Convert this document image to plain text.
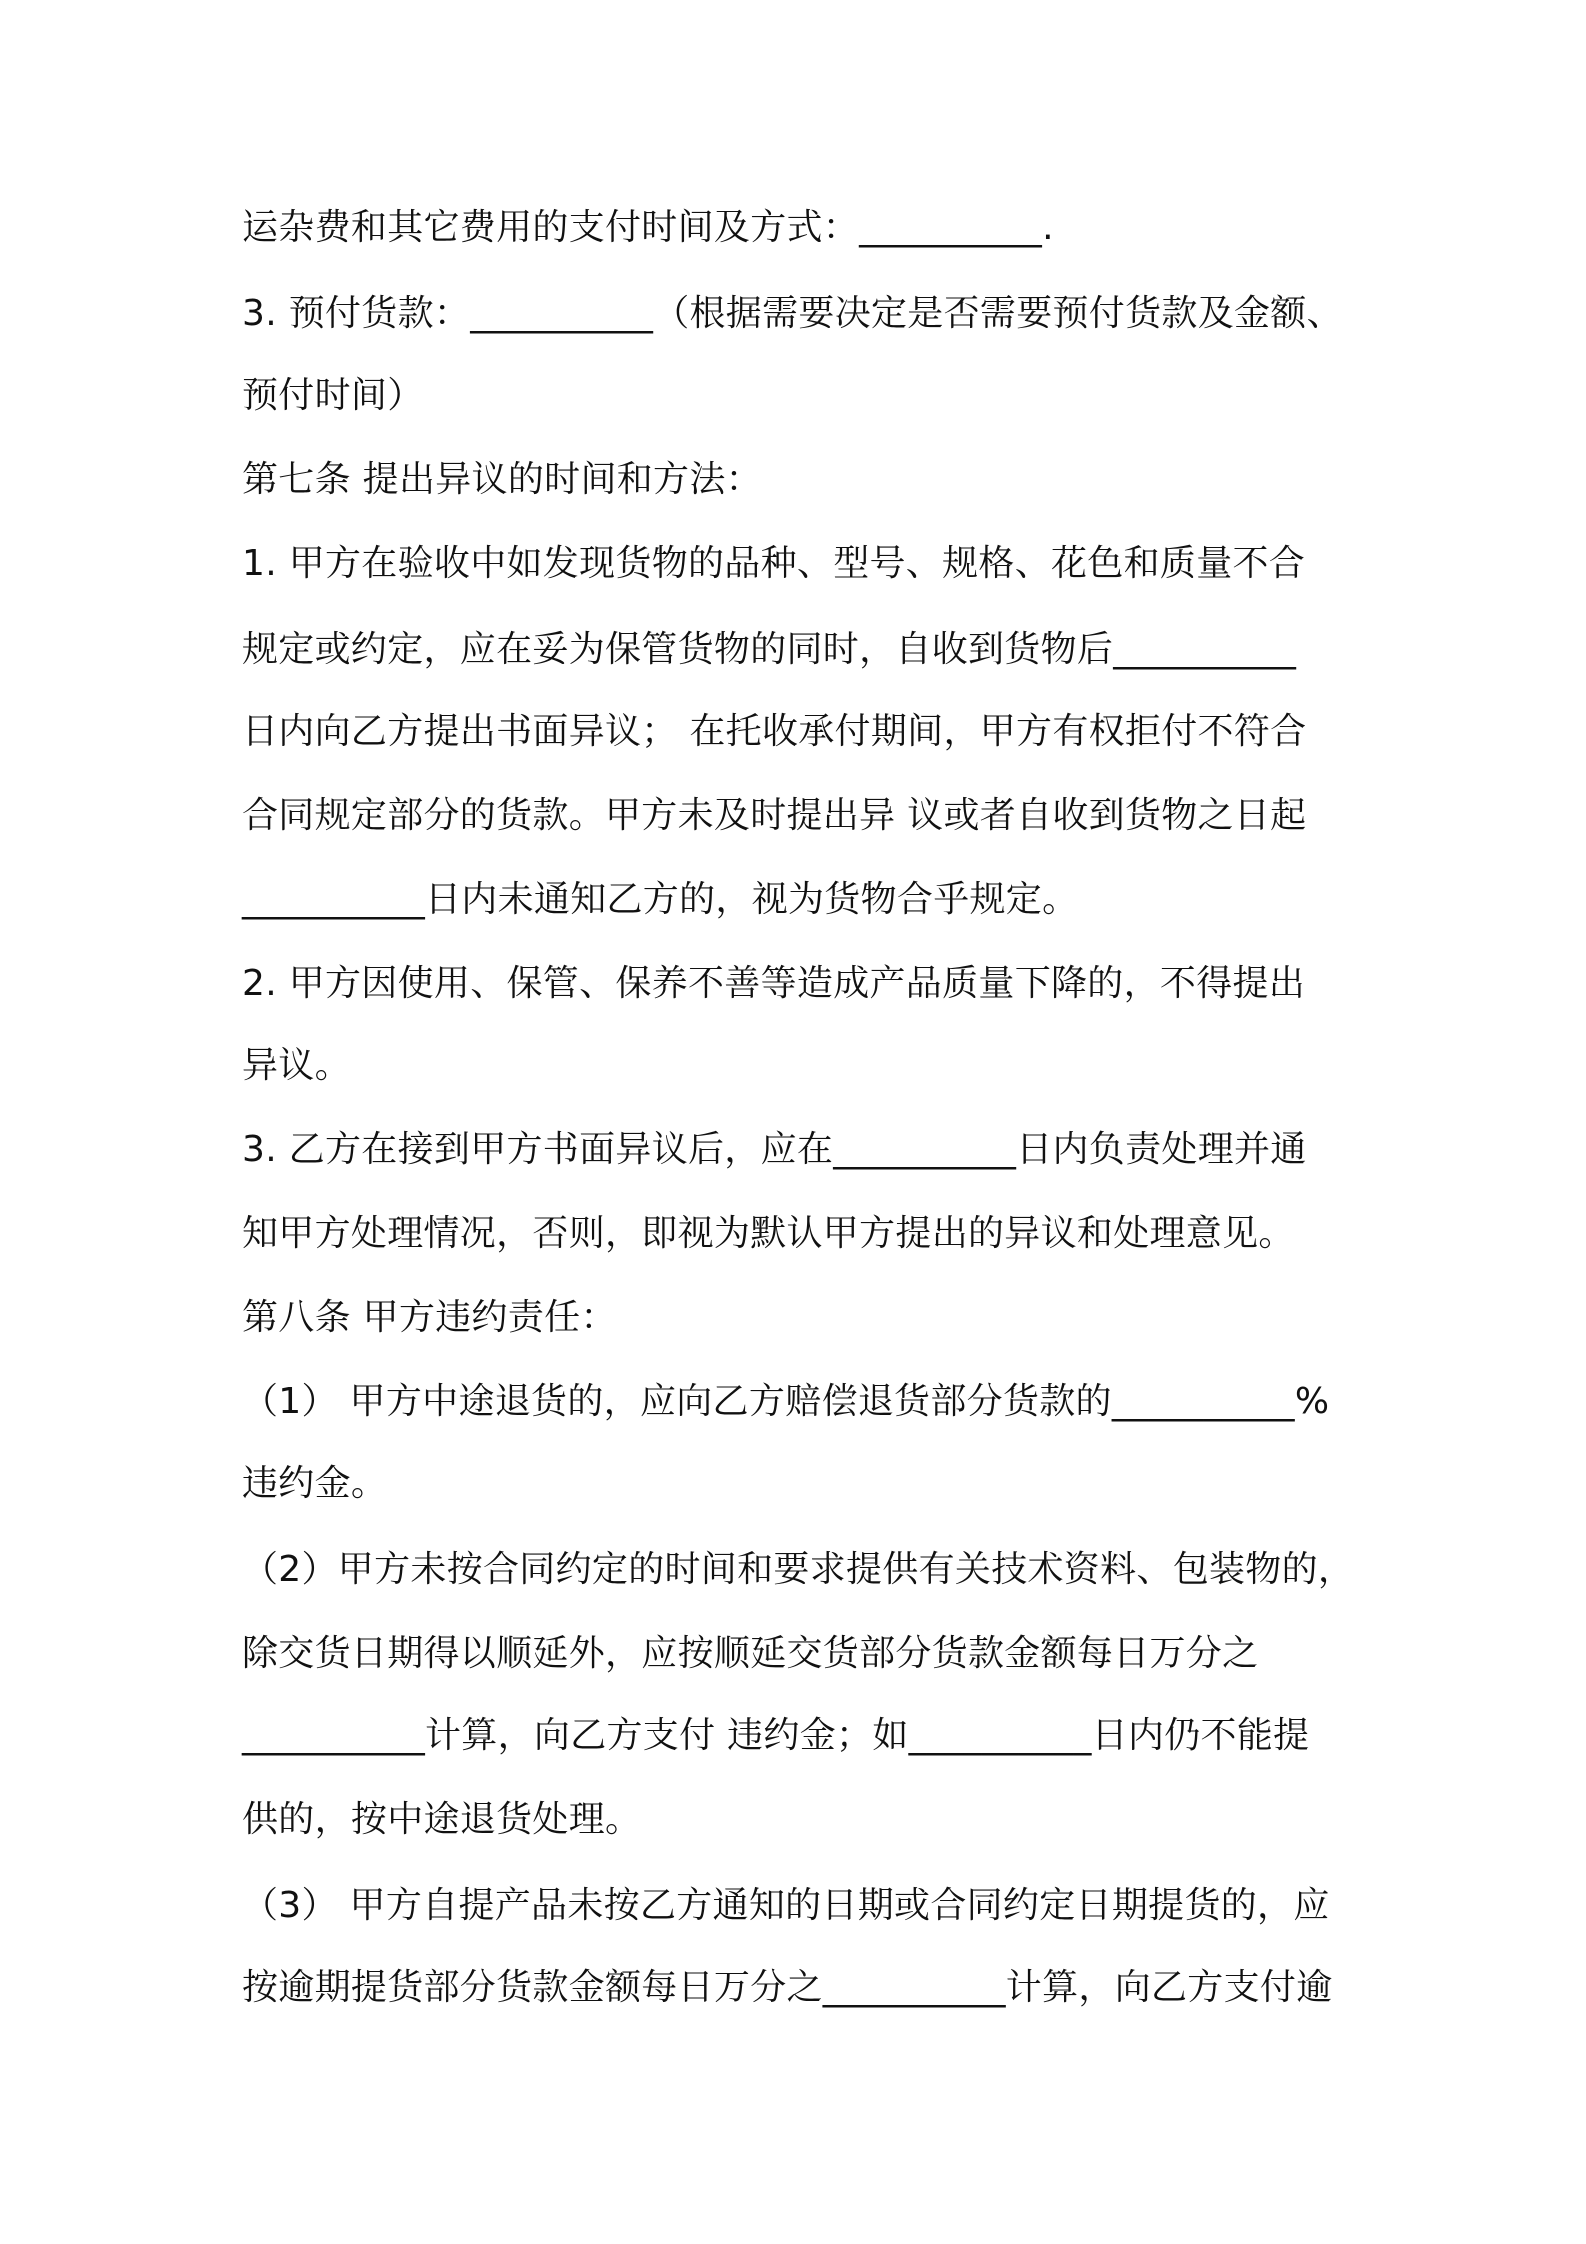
运杂费和其它费用的支付时间及方式：__________.
3. 预付货款：__________（根据需要决定是否需要预付货款及金额、
预付时间）
第七条 提出异议的时间和方法：
1. 甲方在验收中如发现货物的品种、型号、规格、花色和质量不合
规定或约定，应在妥为保管货物的同时，自收到货物后__________
日内向乙方提出书面异议； 在托收承付期间，甲方有权拒付不符合
合同规定部分的货款。甲方未及时提出异 议或者自收到货物之日起
__________日内未通知乙方的，视为货物合乎规定。
2. 甲方因使用、保管、保养不善等造成产品质量下降的，不得提出
异议。
3. 乙方在接到甲方书面异议后，应在__________日内负责处理并通
知甲方处理情况，否则，即视为默认甲方提出的异议和处理意见。
第八条 甲方违约责任：
（1） 甲方中途退货的，应向乙方赔偿退货部分货款的__________%
违约金。
（2）甲方未按合同约定的时间和要求提供有关技术资料、包装物的，
除交货日期得以顺延外，应按顺延交货部分货款金额每日万分之
__________计算，向乙方支付 违约金；如__________日内仍不能提
供的，按中途退货处理。
（3） 甲方自提产品未按乙方通知的日期或合同约定日期提货的，应
按逾期提货部分货款金额每日万分之__________计算，向乙方支付逾
